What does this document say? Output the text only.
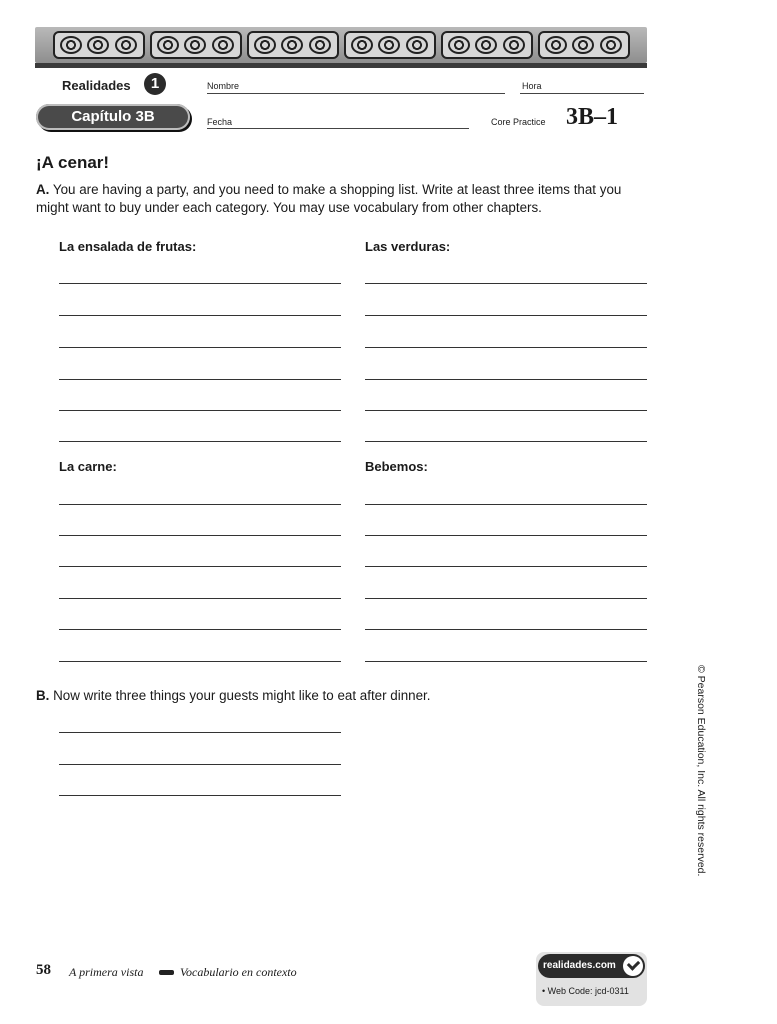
Realidades	1	Nombre	Hora
Capítulo 3B	Fecha	Core Practice 3B–1
¡A cenar!
A. You are having a party, and you need to make a shopping list. Write at least three items that you might want to buy under each category. You may use vocabulary from other chapters.
La ensalada de frutas:	Las verduras:
La carne:	Bebemos:
B. Now write three things your guests might like to eat after dinner.	© Pearson Education, Inc. All rights reserved.
58 A primera vista	Vocabulario en contexto	realidades.com
• Web Code: jcd-0311
